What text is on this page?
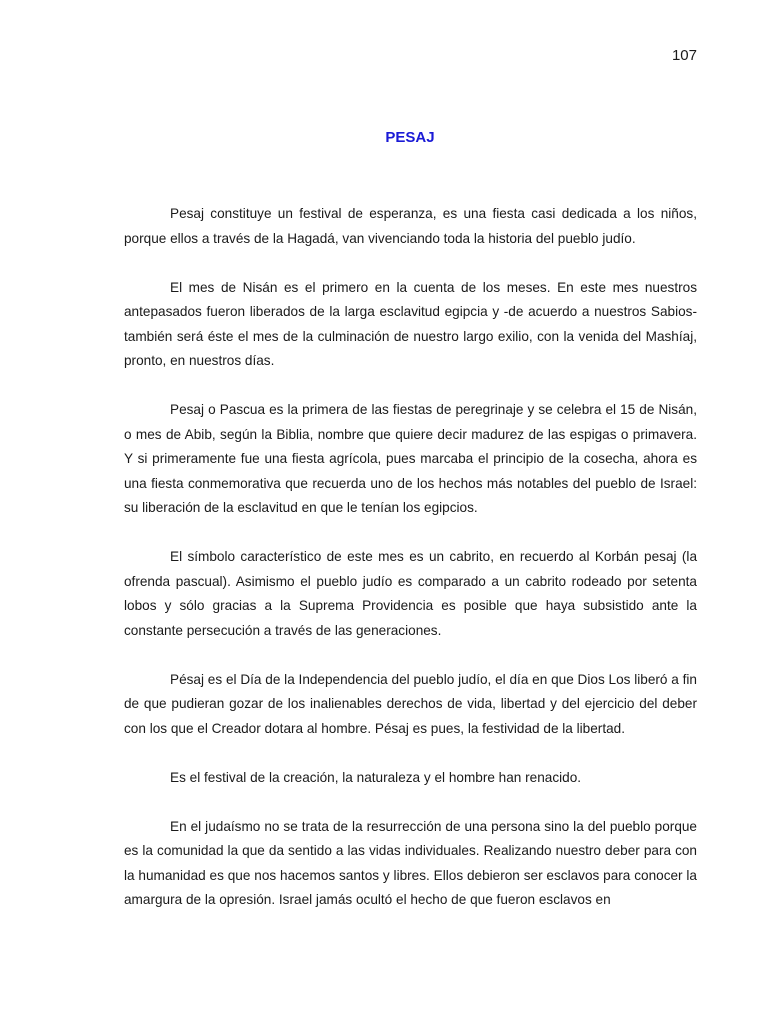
107
PESAJ

Pesaj constituye un festival de esperanza, es una fiesta casi dedicada a los niños, porque ellos a través de la Hagadá, van vivenciando toda la historia del pueblo judío.

El mes de Nisán es el primero en la cuenta de los meses. En este mes nuestros antepasados fueron liberados de la larga esclavitud egipcia y -de acuerdo a nuestros Sabios- también será éste el mes de la culminación de nuestro largo exilio, con la venida del Mashíaj, pronto, en nuestros días.

Pesaj o Pascua es la primera de las fiestas de peregrinaje y se celebra el 15 de Nisán, o mes de Abib, según la Biblia, nombre que quiere decir madurez de las espigas o primavera. Y si primeramente fue una fiesta agrícola, pues marcaba el principio de la cosecha, ahora es una fiesta conmemorativa que recuerda uno de los hechos más notables del pueblo de Israel: su liberación de la esclavitud en que le tenían los egipcios.

El símbolo característico de este mes es un cabrito, en recuerdo al Korbán pesaj (la ofrenda pascual). Asimismo el pueblo judío es comparado a un cabrito rodeado por setenta lobos y sólo gracias a la Suprema Providencia es posible que haya subsistido ante la constante persecución a través de las generaciones.

Pésaj es el Día de la Independencia del pueblo judío, el día en que Dios Los liberó a fin de que pudieran gozar de los inalienables derechos de vida, libertad y del ejercicio del deber con los que el Creador dotara al hombre. Pésaj es pues, la festividad de la libertad.

Es el festival de la creación, la naturaleza y el hombre han renacido.

En el judaísmo no se trata de la resurrección de una persona sino la del pueblo porque es la comunidad la que da sentido a las vidas individuales. Realizando nuestro deber para con la humanidad es que nos hacemos santos y libres. Ellos debieron ser esclavos para conocer la amargura de la opresión. Israel jamás ocultó el hecho de que fueron esclavos en
